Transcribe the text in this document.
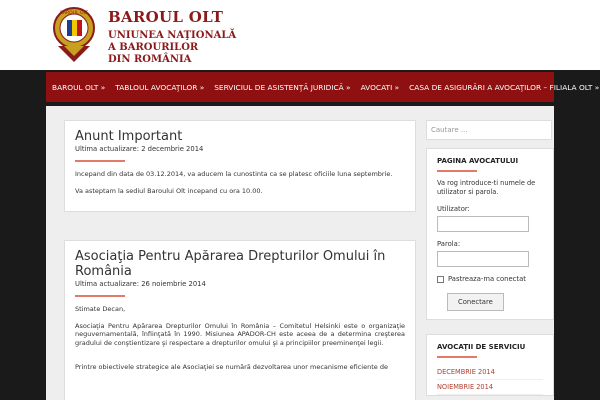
BAROUL OLT BAROUL OLT
UNIUNEA NAŢIONALĂ
A BAROURILOR
DIN ROMÂNIA
BAROUL OLT » TABLOUL AVOCAŢILOR » SERVICIUL DE ASISTENŢĂ JURIDICĂ » AVOCATI » CASA DE ASIGURĂRI A AVOCAŢILOR – FILIALA OLT »
Anunt Important
Ultima actualizare: 2 decembrie 2014

Incepand din data de 03.12.2014, va aducem la cunostinta ca se platesc oficiile luna septembrie.

Va asteptam la sediul Baroului Olt incepand cu ora 10.00.

Asociaţia Pentru Apărarea Drepturilor Omului în România
Ultima actualizare: 26 noiembrie 2014

Stimate Decan,

Asociaţia Pentru Apărarea Drepturilor Omului în România – Comitetul Helsinki este o organizaţie neguvernamentală, înfiinţată în 1990. Misiunea APADOR-CH este aceea de a determina creşterea gradului de conştientizare şi respectare a drepturilor omului şi a principiilor preeminenţei legii.

Printre obiectivele strategice ale Asociaţiei se numără dezvoltarea unor mecanisme eficiente de

Cautare ...
PAGINA AVOCATULUI

Va rog introduce-ti numele de utilizator si parola.

Utilizator:
Parola:
Pastreaza-ma conectat
Conectare
AVOCAŢII DE SERVICIU
DECEMBRIE 2014
NOIEMBRIE 2014
